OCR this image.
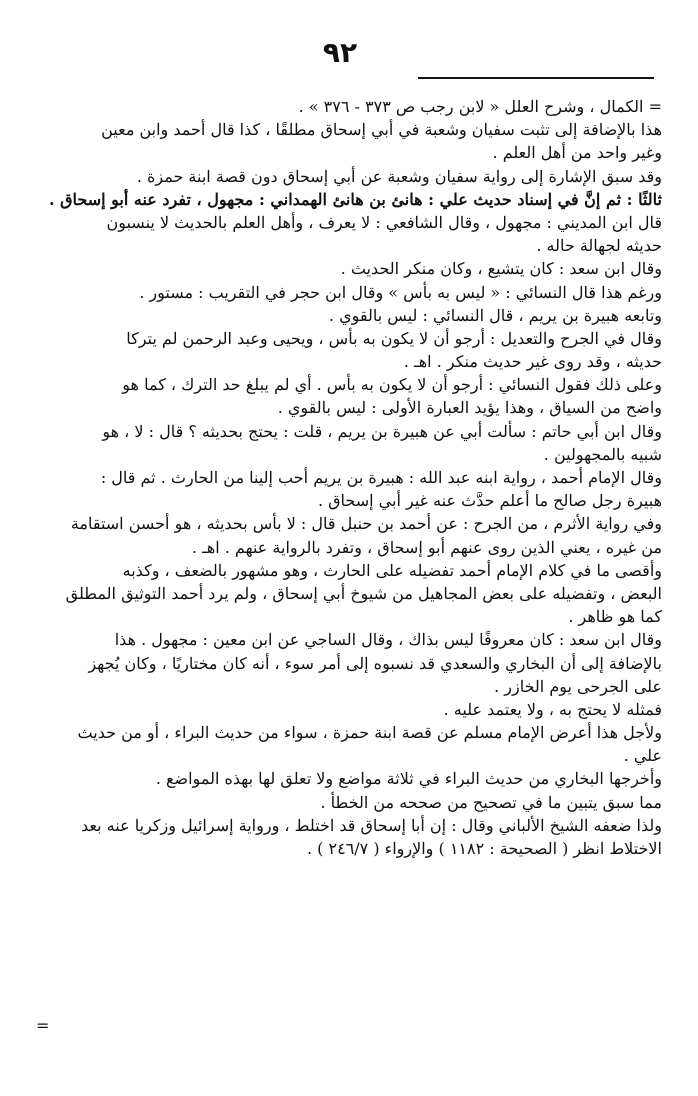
٩٢
= الكمال ، وشرح العلل « لابن رجب ص ٣٧٣ - ٣٧٦ » .
هذا بالإضافة إلى تثبت سفيان وشعبة في أبي إسحاق مطلقًا ، كذا قال أحمد وابن معين
وغير واحد من أهل العلم .
وقد سبق الإشارة إلى رواية سفيان وشعبة عن أبي إسحاق دون قصة ابنة حمزة .
ثالثًا : ثم إنَّ في إسناد حديث علي : هانئ بن هانئ الهمداني : مجهول ، تفرد عنه أبو إسحاق .
قال ابن المديني : مجهول ، وقال الشافعي : لا يعرف ، وأهل العلم بالحديث لا ينسبون
حديثه لجهالة حاله .
وقال ابن سعد : كان يتشيع ، وكان منكر الحديث .
ورغم هذا قال النسائي : « ليس به بأس » وقال ابن حجر في التقريب : مستور .
وتابعه هبيرة بن يريم ، قال النسائي : ليس بالقوي .
وقال في الجرح والتعديل : أرجو أن لا يكون به بأس ، ويحيى وعبد الرحمن لم يتركا
حديثه ، وقد روى غير حديث منكر . اهـ .
وعلى ذلك فقول النسائي : أرجو أن لا يكون به بأس . أي لم يبلغ حد الترك ، كما هو
واضح من السياق ، وهذا يؤيد العبارة الأولى : ليس بالقوي .
وقال ابن أبي حاتم : سألت أبي عن هبيرة بن يريم ، قلت : يحتج بحديثه ؟ قال : لا ، هو
شبيه بالمجهولين .
وقال الإمام أحمد ، رواية ابنه عبد الله : هبيرة بن يريم أحب إلينا من الحارث . ثم قال :
هبيرة رجل صالح ما أعلم حدَّث عنه غير أبي إسحاق .
وفي رواية الأثرم ، من الجرح : عن أحمد بن حنبل قال : لا بأس بحديثه ، هو أحسن استقامة
من غيره ، يعني الذين روى عنهم أبو إسحاق ، وتفرد بالرواية عنهم . اهـ .
وأقصى ما في كلام الإمام أحمد تفضيله على الحارث ، وهو مشهور بالضعف ، وكذبه
البعض ، وتفضيله على بعض المجاهيل من شيوخ أبي إسحاق ، ولم يرد أحمد التوثيق المطلق
كما هو ظاهر .
وقال ابن سعد : كان معروفًا ليس بذاك ، وقال الساجي عن ابن معين : مجهول . هذا
بالإضافة إلى أن البخاري والسعدي قد نسبوه إلى أمر سوء ، أنه كان مختاريًا ، وكان يُجهز
على الجرحى يوم الخازر .
فمثله لا يحتج به ، ولا يعتمد عليه .
ولأجل هذا أعرض الإمام مسلم عن قصة ابنة حمزة ، سواء من حديث البراء ، أو من حديث
علي .
وأخرجها البخاري من حديث البراء في ثلاثة مواضع ولا تعلق لها بهذه المواضع .
مما سبق يتبين ما في تصحيح من صححه من الخطأ .
ولذا ضعفه الشيخ الألباني وقال : إن أبا إسحاق قد اختلط ، ورواية إسرائيل وزكريا عنه بعد
الاختلاط انظر ( الصحيحة : ١١٨٢ ) والإرواء ( ٢٤٦/٧ ) .
=
